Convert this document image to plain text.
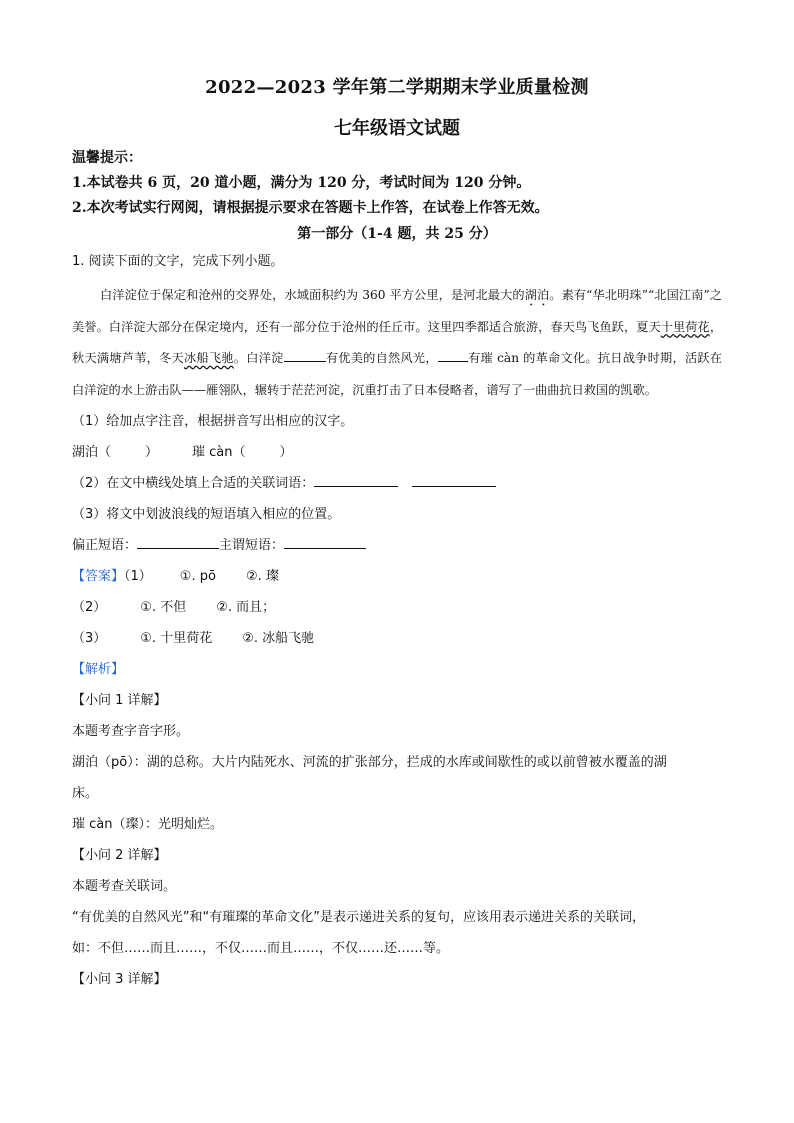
2022—2023 学年第二学期期末学业质量检测
七年级语文试题
温馨提示：
1.本试卷共 6 页，20 道小题，满分为 120 分，考试时间为 120 分钟。
2.本次考试实行网阅，请根据提示要求在答题卡上作答，在试卷上作答无效。
第一部分（1-4 题，共 25 分）
1. 阅读下面的文字，完成下列小题。
白洋淀位于保定和沧州的交界处，水域面积约为 360 平方公里，是河北最大的湖泊。素有“华北明珠”“北国江南”之美誉。白洋淀大部分在保定境内，还有一部分位于沧州的任丘市。这里四季都适合旅游，春天鸟飞鱼跃，夏天十里荷花，秋天满塘芦苇，冬天冰船飞驰。白洋淀	有优美的自然风光， 有璀 càn 的革命文化。抗日战争时期，活跃在白洋淀的水上游击队——雁翎队，辗转于茫茫河淀，沉重打击了日本侵略者，谱写了一曲曲抗日救国的凯歌。
（1）给加点字注音，根据拼音写出相应的汉字。
湖泊（	）	璀 càn（	）
（2）在文中横线处填上合适的关联词语：
（3）将文中划波浪线的短语填入相应的位置。
偏正短语：	主谓短语：
【答案】（1） ①. pō ②. 璨
（2）	①. 不但 ②. 而且；
（3）	①. 十里荷花 ②. 冰船飞驰
【解析】
【小问 1 详解】
本题考查字音字形。
湖泊（pō）：湖的总称。大片内陆死水、河流的扩张部分，拦成的水库或间歇性的或以前曾被水覆盖的湖
床。
璀 càn（璨）：光明灿烂。
【小问 2 详解】
本题考查关联词。
“有优美的自然风光”和“有璀璨的革命文化”是表示递进关系的复句，应该用表示递进关系的关联词，
如：不但……而且……，不仅……而且……，不仅……还……等。
【小问 3 详解】
